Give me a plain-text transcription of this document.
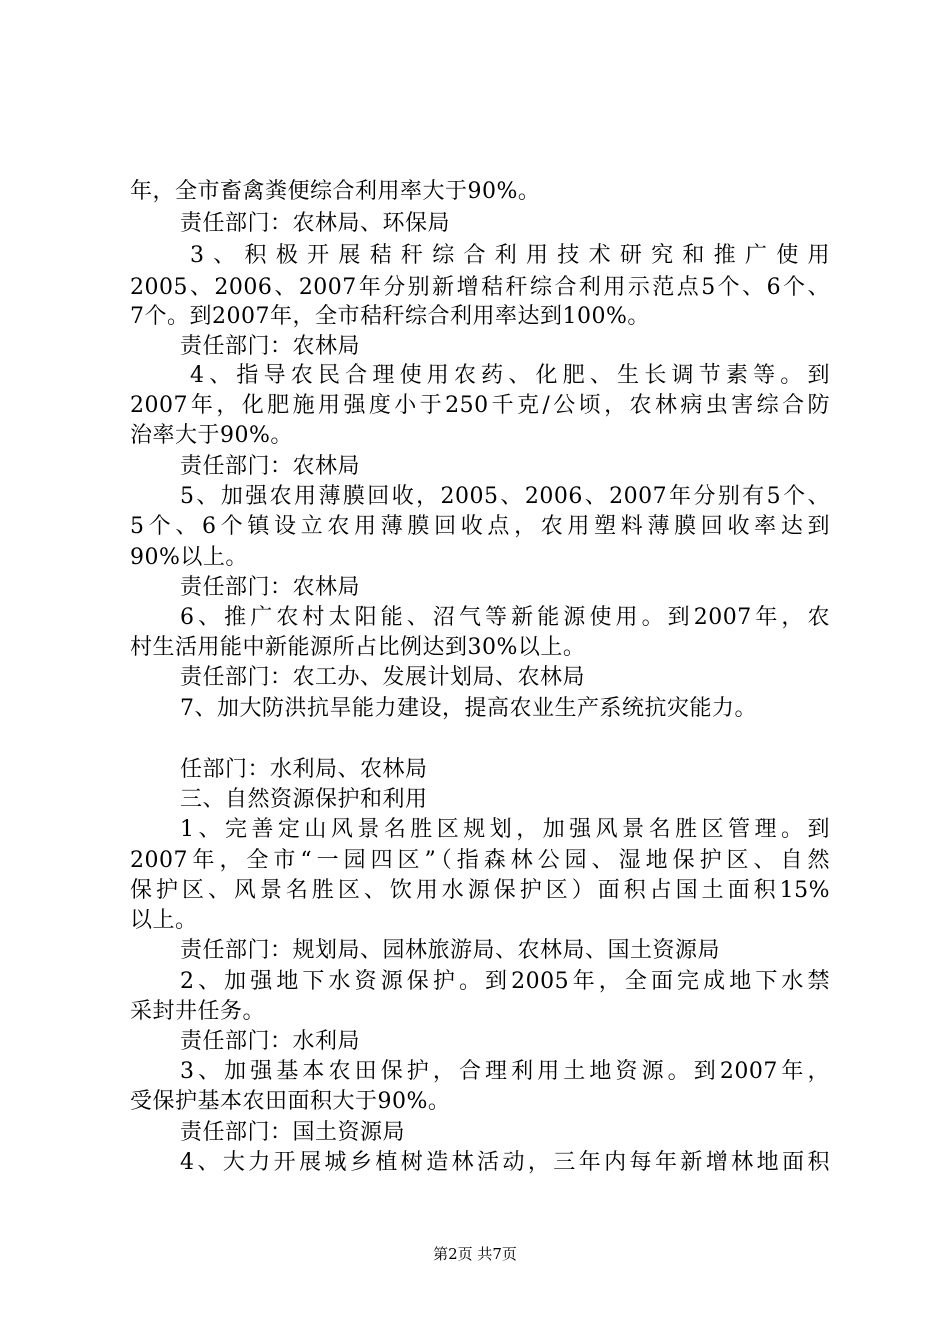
年，全市畜禽粪便综合利用率大于90%。
责任部门：农林局、环保局
3、积极开展秸秆综合利用技术研究和推广使用
2005、2006、2007年分别新增秸秆综合利用示范点5个、6个、
7个。到2007年，全市秸秆综合利用率达到100%。
责任部门：农林局
4、指导农民合理使用农药、化肥、生长调节素等。到
2007年，化肥施用强度小于250千克/公顷，农林病虫害综合防
治率大于90%。
责任部门：农林局
5、加强农用薄膜回收，2005、2006、2007年分别有5个、
5个、6个镇设立农用薄膜回收点，农用塑料薄膜回收率达到
90%以上。
责任部门：农林局
6、推广农村太阳能、沼气等新能源使用。到2007年，农
村生活用能中新能源所占比例达到30%以上。
责任部门：农工办、发展计划局、农林局
7、加大防洪抗旱能力建设，提高农业生产系统抗灾能力。
任部门：水利局、农林局
三、自然资源保护和利用
1、完善定山风景名胜区规划，加强风景名胜区管理。到
2007年，全市“一园四区”（指森林公园、湿地保护区、自然
保护区、风景名胜区、饮用水源保护区）面积占国土面积15%
以上。
责任部门：规划局、园林旅游局、农林局、国土资源局
2、加强地下水资源保护。到2005年，全面完成地下水禁
采封井任务。
责任部门：水利局
3、加强基本农田保护，合理利用土地资源。到2007年，
受保护基本农田面积大于90%。
责任部门：国土资源局
4、大力开展城乡植树造林活动，三年内每年新增林地面积
第2页 共7页
